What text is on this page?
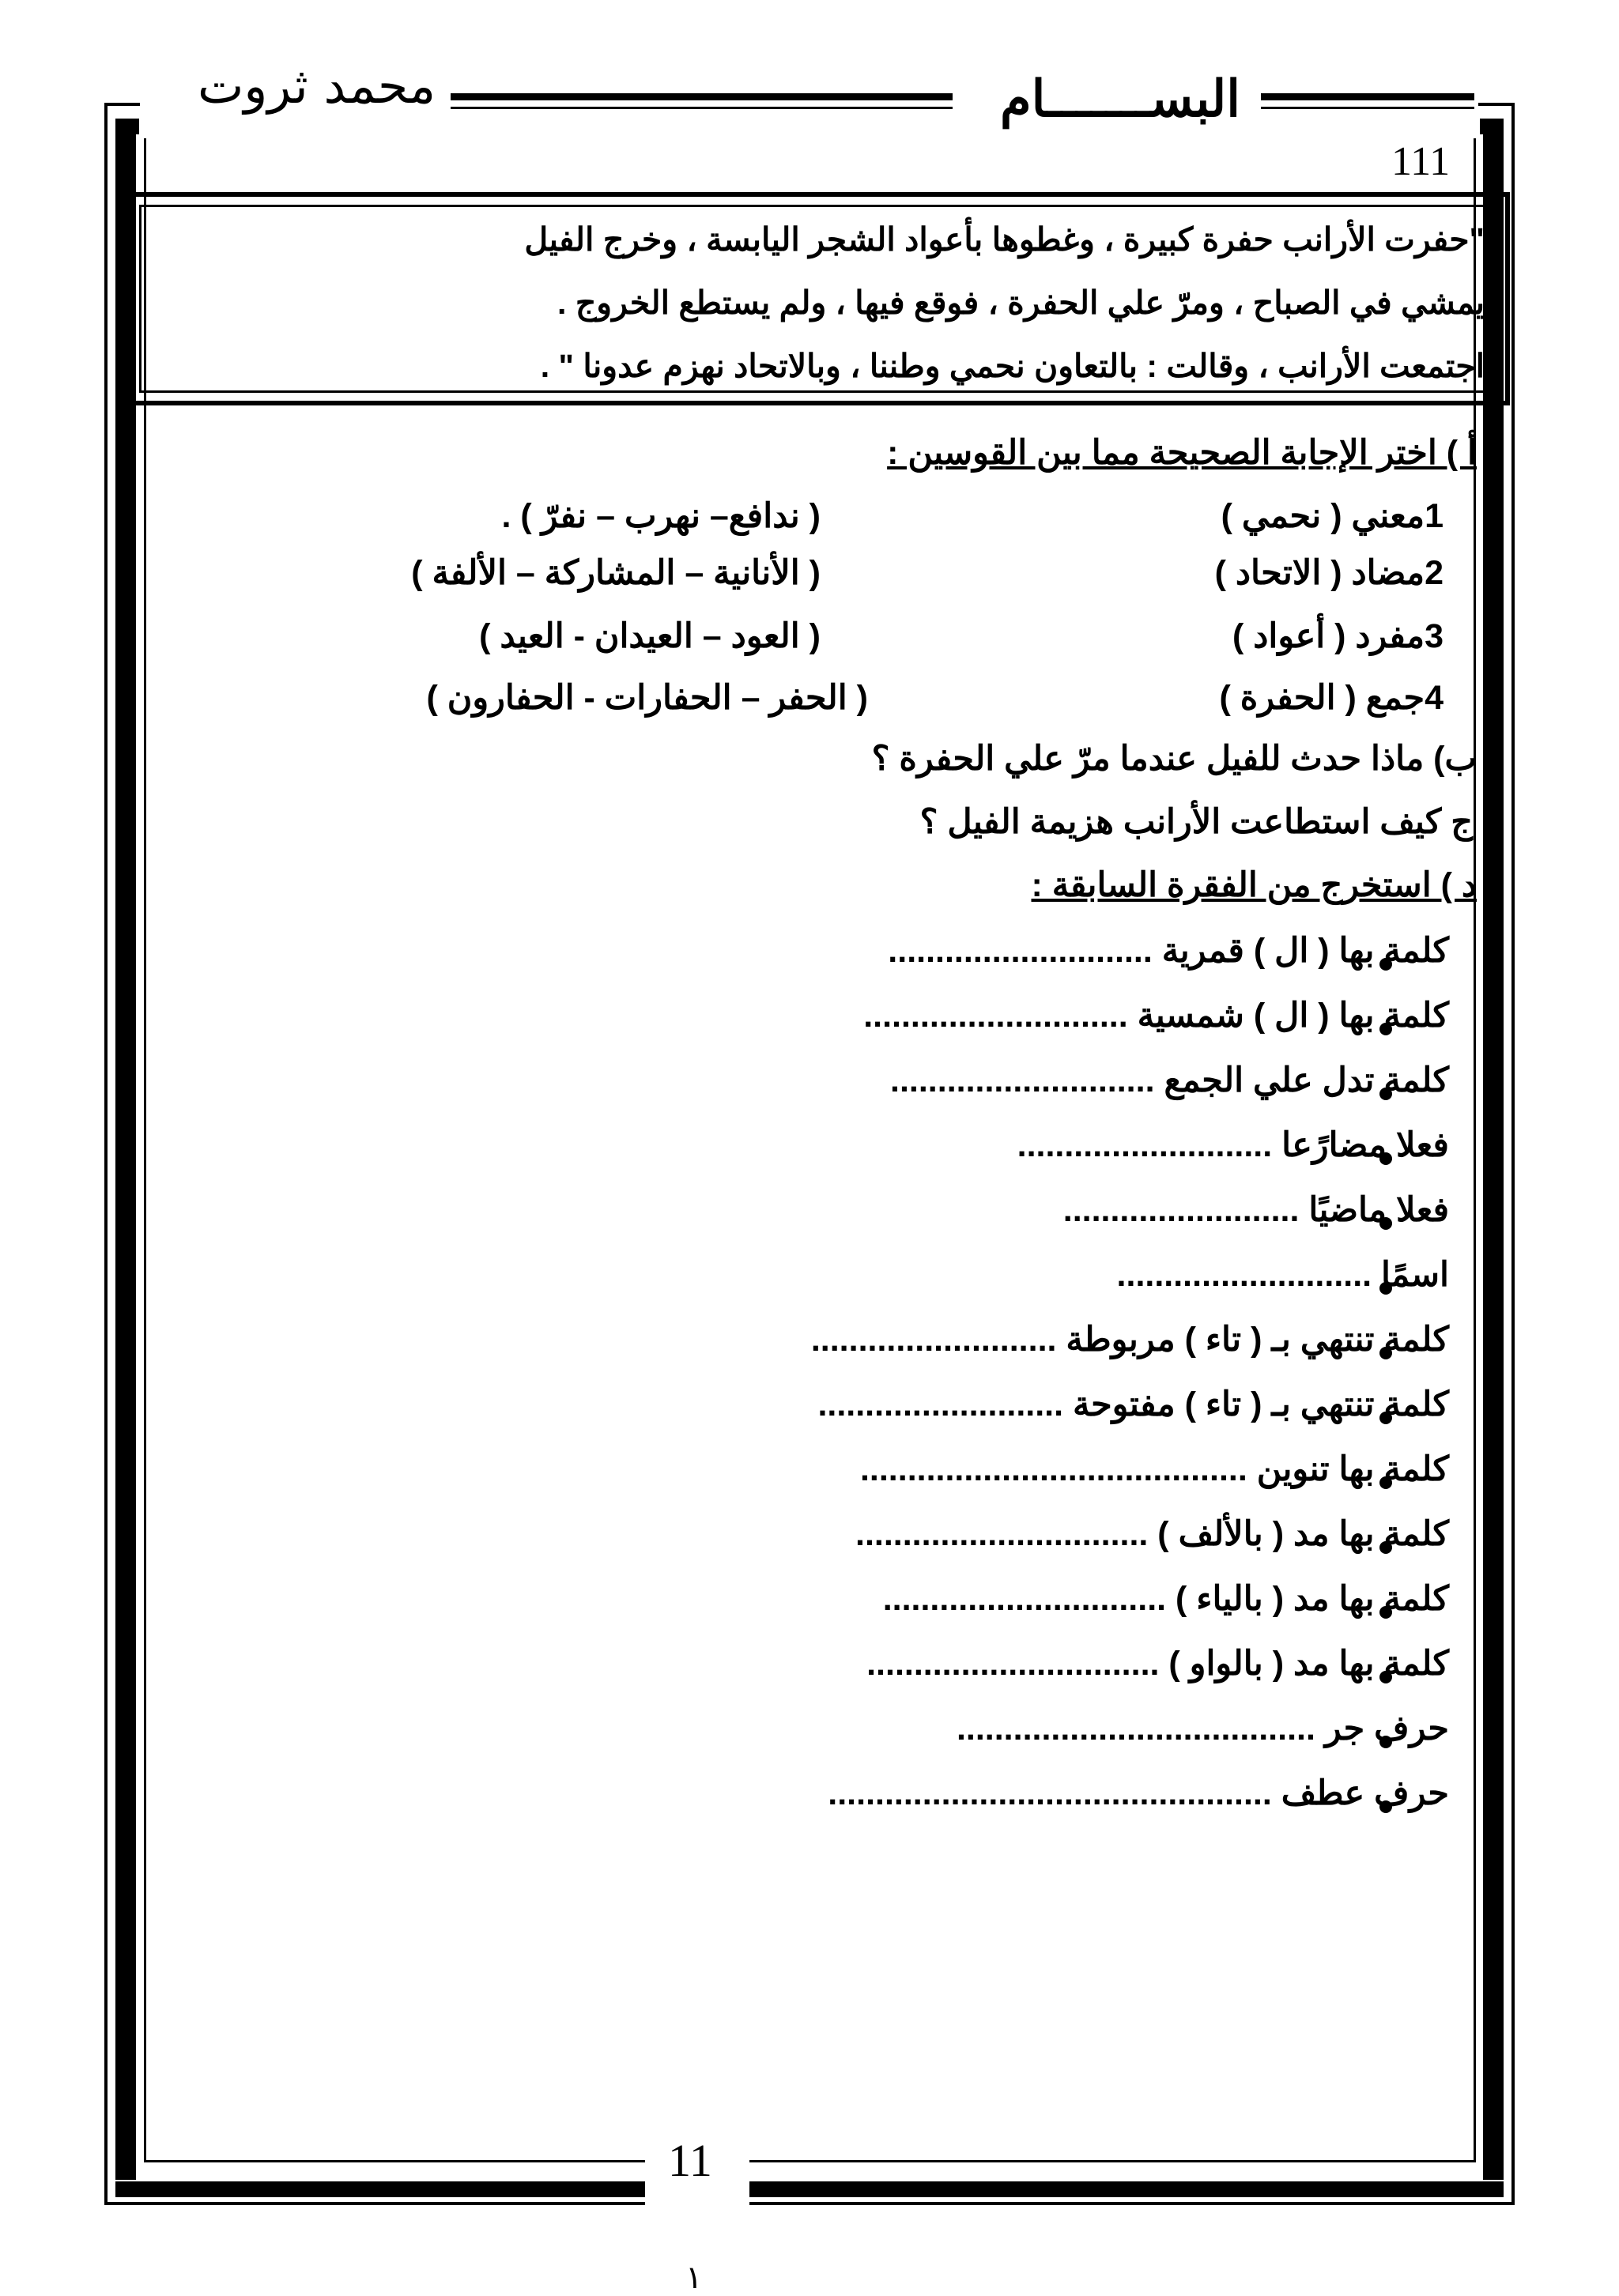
محمد ثروت	البســـــــام
111
"حفرت الأرانب حفرة كبيرة ، وغطوها بأعواد الشجر اليابسة ، وخرج الفيل
يمشي في الصباح ، ومرّ علي الحفرة ، فوقع فيها ، ولم يستطع الخروج .
اجتمعت الأرانب ، وقالت : بالتعاون نحمي وطننا ، وبالاتحاد نهزم عدونا " .
أ ) اختر الإجابة الصحيحة مما بين القوسين :
1معني ( نحمي )
( ندافع– نهرب – نفرّ ) .
2مضاد ( الاتحاد )
( الأنانية – المشاركة – الألفة )
3مفرد ( أعواد )
( العود – العيدان - العيد )
4جمع ( الحفرة )
( الحفر – الحفارات - الحفارون )
ب) ماذا حدث للفيل عندما مرّ علي الحفرة ؟
ج كيف استطاعت الأرانب هزيمة الفيل ؟
د ) استخرج من الفقرة السابقة :
كلمة بها ( ال ) قمرية ............................
كلمة بها ( ال ) شمسية ............................
كلمة تدل علي الجمع ............................
فعلا مضارًعا ...........................
فعلا ماضيًا .........................
اسمًا ...........................
كلمة تنتهي بـ ( تاء ) مربوطة ..........................
كلمة تنتهي بـ ( تاء ) مفتوحة ..........................
كلمة بها تنوين .........................................
كلمة بها مد ( بالألف ) ...............................
كلمة بها مد ( بالياء ) ..............................
كلمة بها مد ( بالواو ) ...............................
حرف جر ......................................
حرف عطف ...............................................
11
١
